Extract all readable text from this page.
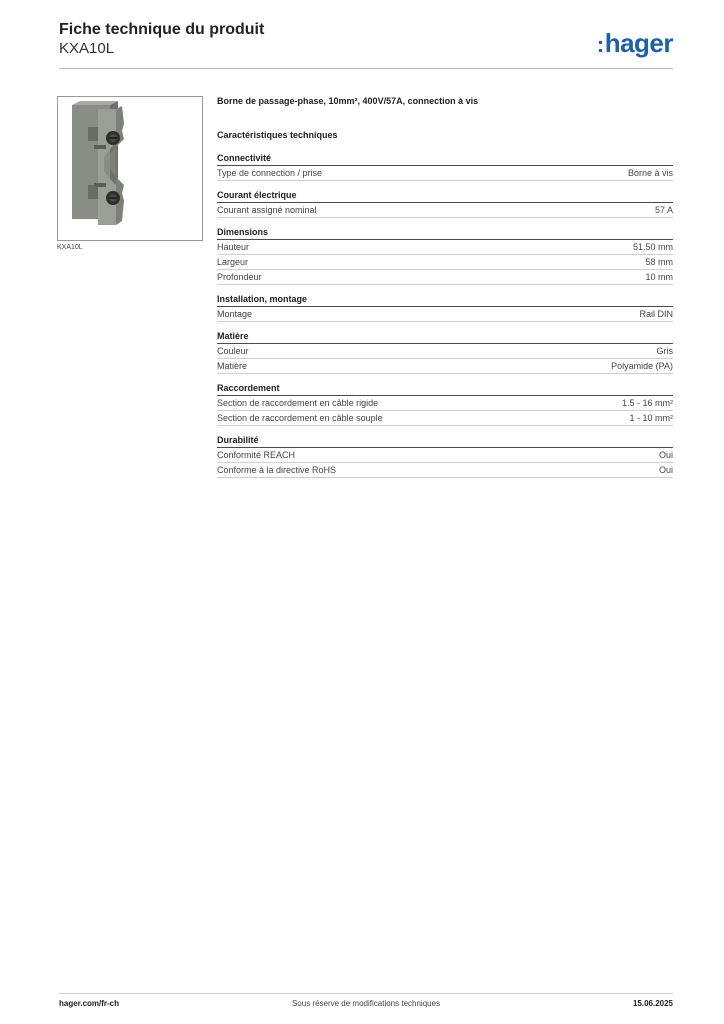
Fiche technique du produit
KXA10L	:hager
KXA10L
Borne de passage-phase, 10mm², 400V/57A, connection à vis
Caractéristiques techniques
Connectivité
Type de connection / prise	Borne à vis
Courant électrique
Courant assigné nominal	57 A
Dimensions
Hauteur	51.50 mm
Largeur	58 mm
Profondeur	10 mm
Installation, montage
Montage	Rail DIN
Matière
Couleur	Gris
Matière	Polyamide (PA)
Raccordement
Section de raccordement en câble rigide	1.5 - 16 mm²
Section de raccordement en câble souple	1 - 10 mm²
Durabilité
Conformité REACH	Oui
Conforme à la directive RoHS	Oui
hager.com/fr-ch	Sous réserve de modifications techniques	15.06.2025
